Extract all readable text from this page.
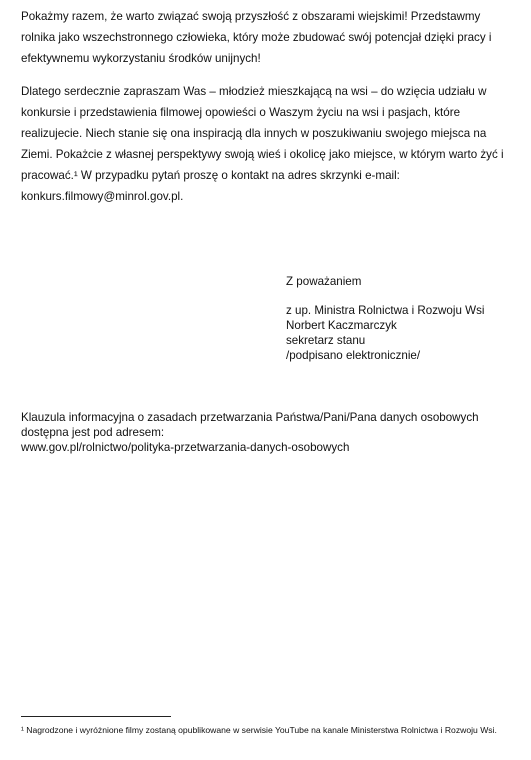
Pokażmy razem, że warto związać swoją przyszłość z obszarami wiejskimi! Przedstawmy rolnika jako wszechstronnego człowieka, który może zbudować swój potencjał dzięki pracy i efektywnemu wykorzystaniu środków unijnych!

Dlatego serdecznie zapraszam Was – młodzież mieszkającą na wsi – do wzięcia udziału w konkursie i przedstawienia filmowej opowieści o Waszym życiu na wsi i pasjach, które realizujecie. Niech stanie się ona inspiracją dla innych w poszukiwaniu swojego miejsca na Ziemi. Pokażcie z własnej perspektywy swoją wieś i okolicę jako miejsce, w którym warto żyć i pracować.¹ W przypadku pytań proszę o kontakt na adres skrzynki e-mail: konkurs.filmowy@minrol.gov.pl.

Z poważaniem

z up. Ministra Rolnictwa i Rozwoju Wsi
Norbert Kaczmarczyk
sekretarz stanu
/podpisano elektronicznie/
Klauzula informacyjna o zasadach przetwarzania Państwa/Pani/Pana danych osobowych
dostępna jest pod adresem:
www.gov.pl/rolnictwo/polityka-przetwarzania-danych-osobowych

¹ Nagrodzone i wyróżnione filmy zostaną opublikowane w serwisie YouTube na kanale Ministerstwa Rolnictwa i Rozwoju Wsi.
